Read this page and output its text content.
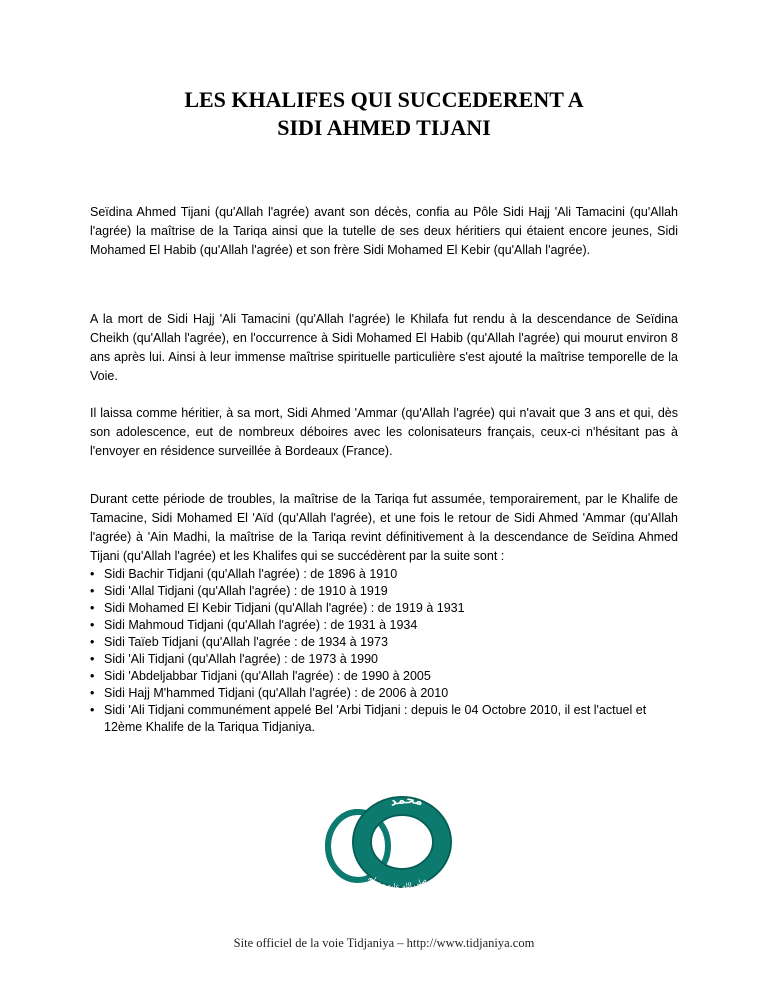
LES KHALIFES QUI SUCCEDERENT A
SIDI AHMED TIJANI

Seïdina Ahmed Tijani (qu'Allah l'agrée) avant son décès, confia au Pôle Sidi Hajj 'Ali Tamacini (qu'Allah l'agrée) la maîtrise de la Tariqa ainsi que la tutelle de ses deux héritiers qui étaient encore jeunes, Sidi Mohamed El Habib (qu'Allah l'agrée) et son frère Sidi Mohamed El Kebir (qu'Allah l'agrée).

A la mort de Sidi Hajj 'Ali Tamacini (qu'Allah l'agrée) le Khilafa fut rendu à la descendance de Seïdina Cheikh (qu'Allah l'agrée), en l'occurrence à Sidi Mohamed El Habib (qu'Allah l'agrée) qui mourut environ 8 ans après lui. Ainsi à leur immense maîtrise spirituelle particulière s'est ajouté la maîtrise temporelle de la Voie.

Il laissa comme héritier, à sa mort, Sidi Ahmed 'Ammar (qu'Allah l'agrée) qui n'avait que 3 ans et qui, dès son adolescence, eut de nombreux déboires avec les colonisateurs français, ceux-ci n'hésitant pas à l'envoyer en résidence surveillée à Bordeaux (France).

Durant cette période de troubles, la maîtrise de la Tariqa fut assumée, temporairement, par le Khalife de Tamacine, Sidi Mohamed El 'Aïd (qu'Allah l'agrée), et une fois le retour de Sidi Ahmed 'Ammar (qu'Allah l'agrée) à 'Ain Madhi, la maîtrise de la Tariqa revint définitivement à la descendance de Seïdina Ahmed Tijani (qu'Allah l'agrée) et les Khalifes qui se succédèrent par la suite sont :

• Sidi Bachir Tidjani (qu'Allah l'agrée) : de 1896 à 1910
• Sidi 'Allal Tidjani (qu'Allah l'agrée) : de 1910 à 1919
• Sidi Mohamed El Kebir Tidjani (qu'Allah l'agrée) : de 1919 à 1931
• Sidi Mahmoud Tidjani (qu'Allah l'agrée) : de 1931 à 1934
• Sidi Taïeb Tidjani (qu'Allah l'agrée : de 1934 à 1973
• Sidi 'Ali Tidjani (qu'Allah l'agrée) : de 1973 à 1990
• Sidi 'Abdeljabbar Tidjani (qu'Allah l'agrée) : de 1990 à 2005
• Sidi Hajj M'hammed Tidjani (qu'Allah l'agrée) : de 2006 à 2010
• Sidi 'Ali Tidjani communément appelé Bel 'Arbi Tidjani : depuis le 04 Octobre 2010, il est l'actuel et 12ème Khalife de la Tariqua Tidjaniya.
محمد
صلى الله عليه و سلم
Site officiel de la voie Tidjaniya – http://www.tidjaniya.com
